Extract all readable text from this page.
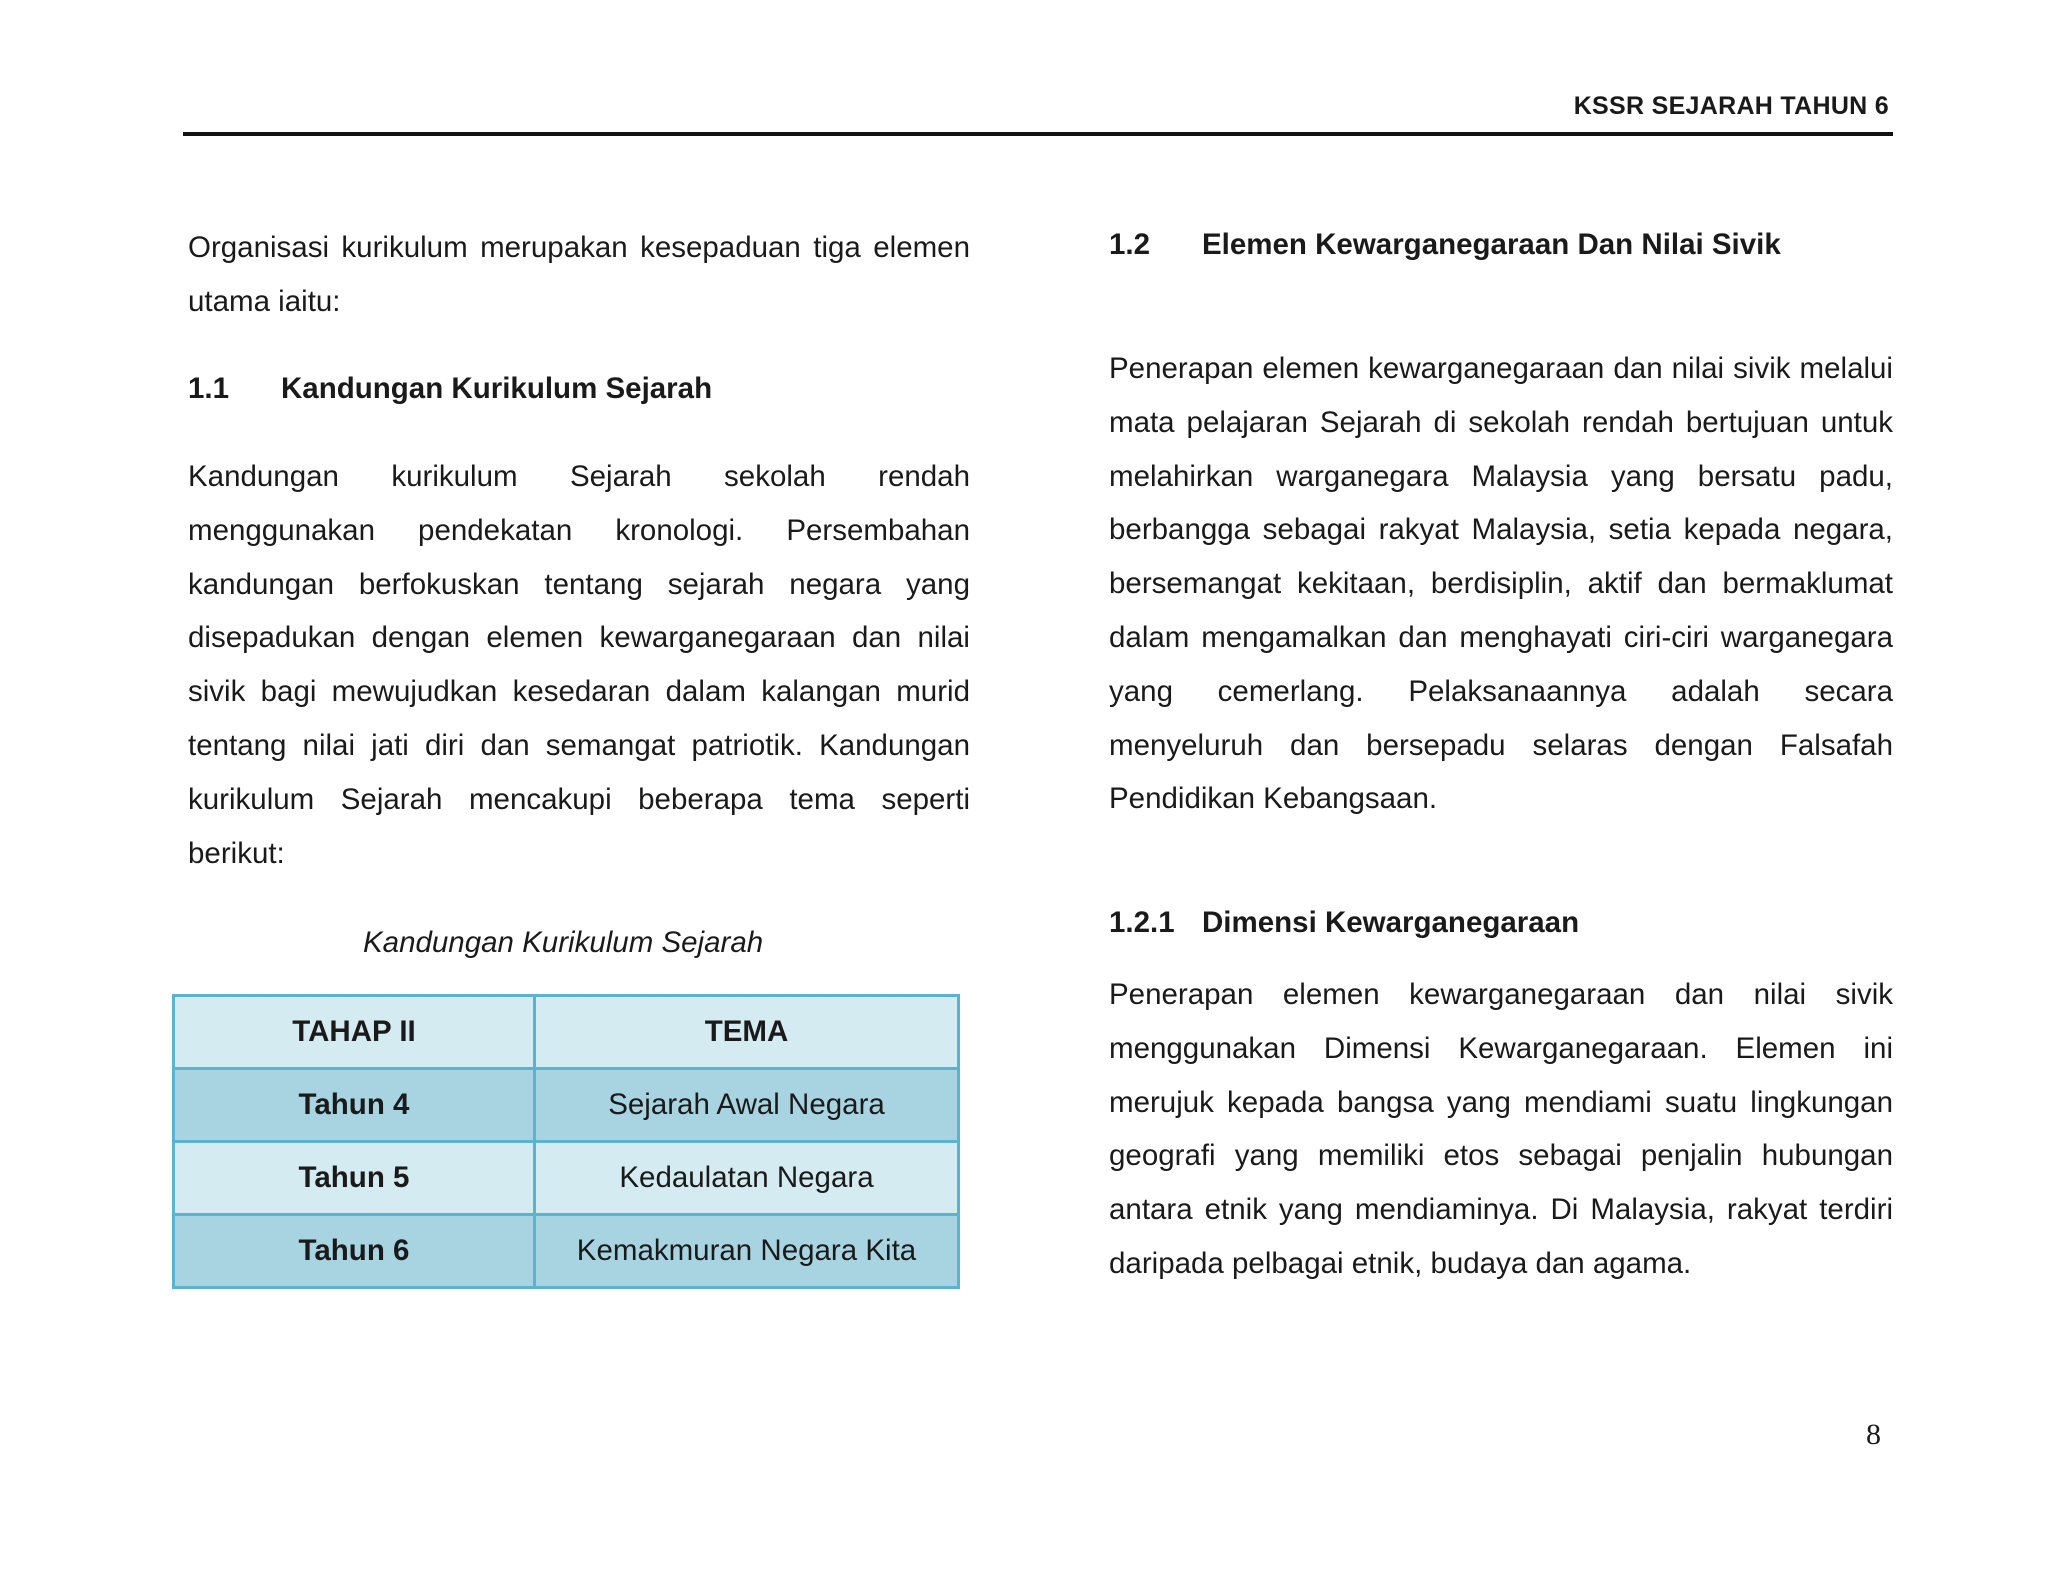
KSSR SEJARAH TAHUN 6

Organisasi kurikulum merupakan kesepaduan tiga elemen utama iaitu:

1.1 Kandungan Kurikulum Sejarah

Kandungan kurikulum Sejarah sekolah rendah menggunakan pendekatan kronologi. Persembahan kandungan berfokuskan tentang sejarah negara yang disepadukan dengan elemen kewarganegaraan dan nilai sivik bagi mewujudkan kesedaran dalam kalangan murid tentang nilai jati diri dan semangat patriotik. Kandungan kurikulum Sejarah mencakupi beberapa tema seperti berikut:

Kandungan Kurikulum Sejarah
TAHAP II	TEMA
Tahun 4	Sejarah Awal Negara
Tahun 5	Kedaulatan Negara
Tahun 6	Kemakmuran Negara Kita
1.2 Elemen Kewarganegaraan Dan Nilai Sivik

Penerapan elemen kewarganegaraan dan nilai sivik melalui mata pelajaran Sejarah di sekolah rendah bertujuan untuk melahirkan warganegara Malaysia yang bersatu padu, berbangga sebagai rakyat Malaysia, setia kepada negara, bersemangat kekitaan, berdisiplin, aktif dan bermaklumat dalam mengamalkan dan menghayati ciri-ciri warganegara yang cemerlang. Pelaksanaannya adalah secara menyeluruh dan bersepadu selaras dengan Falsafah Pendidikan Kebangsaan.

1.2.1 Dimensi Kewarganegaraan

Penerapan elemen kewarganegaraan dan nilai sivik menggunakan Dimensi Kewarganegaraan. Elemen ini merujuk kepada bangsa yang mendiami suatu lingkungan geografi yang memiliki etos sebagai penjalin hubungan antara etnik yang mendiaminya. Di Malaysia, rakyat terdiri daripada pelbagai etnik, budaya dan agama.

8
